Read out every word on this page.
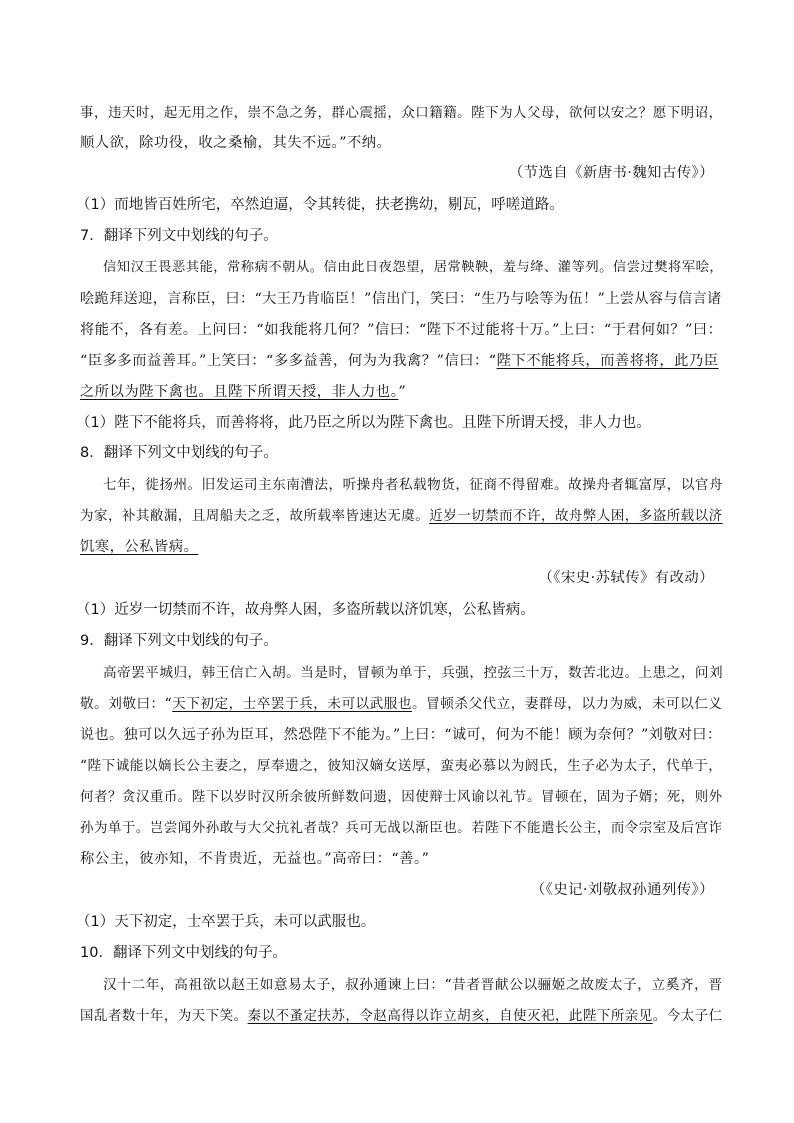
事，违天时，起无用之作，崇不急之务，群心震摇，众口籍籍。陛下为人父母，欲何以安之？愿下明诏，
顺人欲，除功役，收之桑榆，其失不远。”不纳。
（节选自《新唐书·魏知古传》）
（1）而地皆百姓所宅，卒然迫逼，令其转徙，扶老携幼，剔瓦，呼嗟道路。
7．翻译下列文中划线的句子。
信知汉王畏恶其能，常称病不朝从。信由此日夜怨望，居常鞅鞅，羞与绛、灌等列。信尝过樊将军哙，
哙跪拜送迎，言称臣，曰：“大王乃肯临臣！”信出门，笑曰：“生乃与哙等为伍！”上尝从容与信言诸
将能不，各有差。上问曰：“如我能将几何？”信曰：“陛下不过能将十万。”上曰：“于君何如？”曰：
“臣多多而益善耳。”上笑曰：“多多益善，何为为我禽？”信曰：“陛下不能将兵，而善将将，此乃臣
之所以为陛下禽也。且陛下所谓天授，非人力也。”
（1）陛下不能将兵，而善将将，此乃臣之所以为陛下禽也。且陛下所谓天授，非人力也。
8．翻译下列文中划线的句子。
七年，徙扬州。旧发运司主东南漕法，听操舟者私载物货，征商不得留难。故操舟者辄富厚，以官舟
为家，补其敝漏，且周船夫之乏，故所载率皆速达无虞。近岁一切禁而不许，故舟弊人困，多盗所载以济
饥寒，公私皆病。
（《宋史·苏轼传》有改动）
（1）近岁一切禁而不许，故舟弊人困，多盗所载以济饥寒，公私皆病。
9．翻译下列文中划线的句子。
高帝罢平城归，韩王信亡入胡。当是时，冒顿为单于，兵强，控弦三十万，数苦北边。上患之，问刘
敬。刘敬曰：“天下初定，士卒罢于兵，未可以武服也。冒顿杀父代立，妻群母，以力为威，未可以仁义
说也。独可以久远子孙为臣耳，然恐陛下不能为。”上曰：“诚可，何为不能！顾为奈何？”刘敬对曰：
“陛下诚能以嫡长公主妻之，厚奉遗之，彼知汉嫡女送厚，蛮夷必慕以为阏氏，生子必为太子，代单于，
何者？贪汉重币。陛下以岁时汉所余彼所鲜数问遗，因使辩士风谕以礼节。冒顿在，固为子婿；死，则外
孙为单于。岂尝闻外孙敢与大父抗礼者哉？兵可无战以渐臣也。若陛下不能遣长公主，而令宗室及后宫诈
称公主，彼亦知，不肯贵近，无益也。”高帝曰：“善。”
（《史记·刘敬叔孙通列传》）
（1）天下初定，士卒罢于兵，未可以武服也。
10．翻译下列文中划线的句子。
汉十二年，高祖欲以赵王如意易太子，叔孙通谏上曰：“昔者晋献公以骊姬之故废太子，立奚齐，晋
国乱者数十年，为天下笑。秦以不蚤定扶苏，令赵高得以诈立胡亥，自使灭祀，此陛下所亲见。今太子仁
